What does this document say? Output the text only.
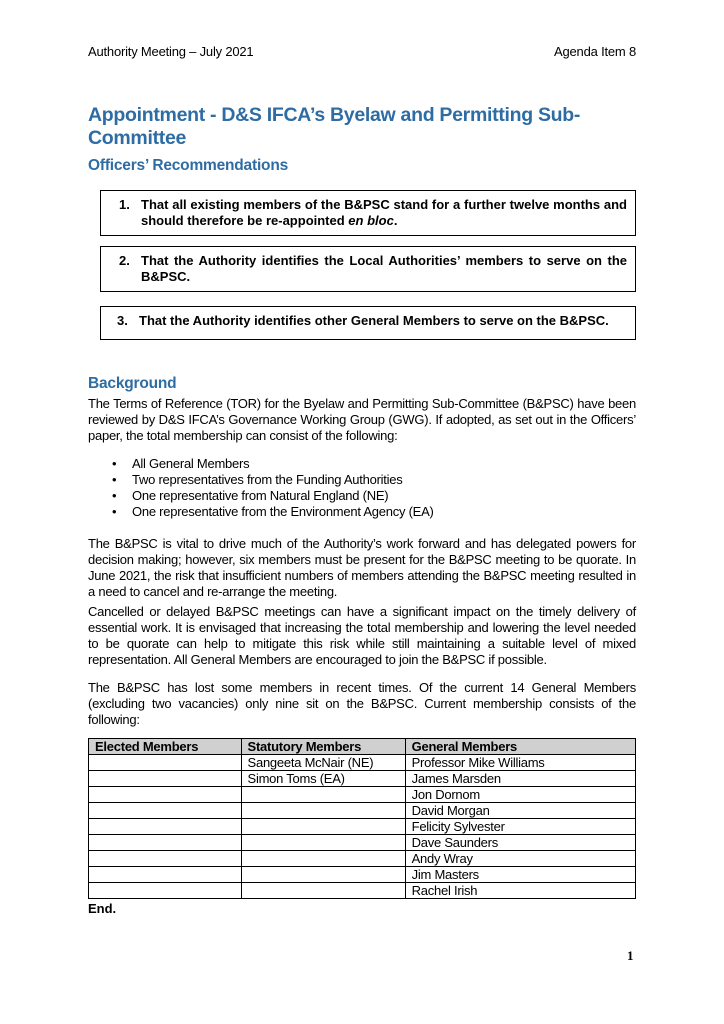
Authority Meeting – July 2021	Agenda Item 8
Appointment - D&S IFCA’s Byelaw and Permitting Sub-Committee
Officers’ Recommendations
1. That all existing members of the B&PSC stand for a further twelve months and should therefore be re-appointed en bloc.
2. That the Authority identifies the Local Authorities’ members to serve on the B&PSC.
3. That the Authority identifies other General Members to serve on the B&PSC.
Background
The Terms of Reference (TOR) for the Byelaw and Permitting Sub-Committee (B&PSC) have been reviewed by D&S IFCA’s Governance Working Group (GWG). If adopted, as set out in the Officers’ paper, the total membership can consist of the following:
• All General Members
• Two representatives from the Funding Authorities
• One representative from Natural England (NE)
• One representative from the Environment Agency (EA)
The B&PSC is vital to drive much of the Authority’s work forward and has delegated powers for decision making; however, six members must be present for the B&PSC meeting to be quorate. In June 2021, the risk that insufficient numbers of members attending the B&PSC meeting resulted in a need to cancel and re-arrange the meeting.
Cancelled or delayed B&PSC meetings can have a significant impact on the timely delivery of essential work. It is envisaged that increasing the total membership and lowering the level needed to be quorate can help to mitigate this risk while still maintaining a suitable level of mixed representation. All General Members are encouraged to join the B&PSC if possible.
The B&PSC has lost some members in recent times. Of the current 14 General Members (excluding two vacancies) only nine sit on the B&PSC. Current membership consists of the following:
Elected Members	Statutory Members	General Members
	Sangeeta McNair (NE)	Professor Mike Williams
	Simon Toms (EA)	James Marsden
		Jon Dornom
		David Morgan
		Felicity Sylvester
		Dave Saunders
		Andy Wray
		Jim Masters
		Rachel Irish
End.
1
